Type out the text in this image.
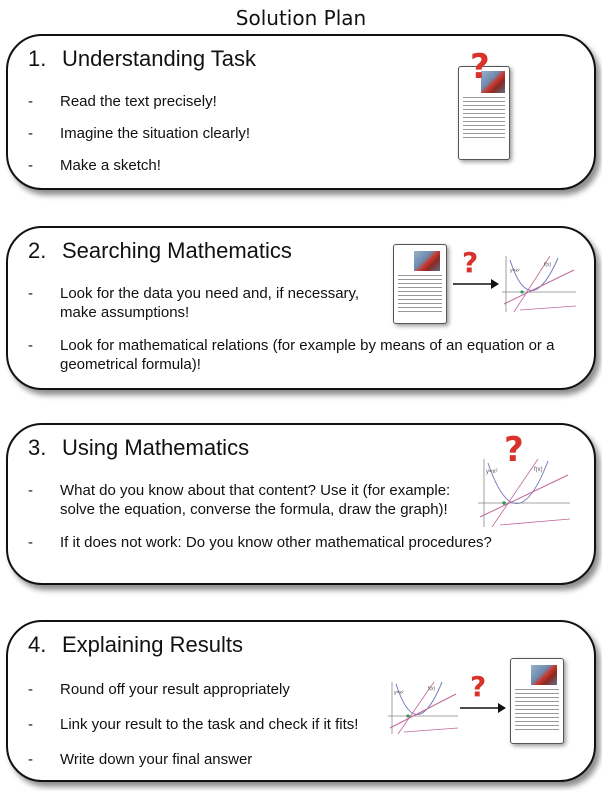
Solution Plan
1. Understanding Task
-	Read the text precisely!
-	Imagine the situation clearly!
-	Make a sketch!
?
2. Searching Mathematics
-	Look for the data you need and, if necessary,
make assumptions!
-	Look for mathematical relations (for example by means of an equation or a
geometrical formula)!
?	y=x²
f(x)
3. Using Mathematics
-	What do you know about that content? Use it (for example:
solve the equation, converse the formula, draw the graph)!
-	If it does not work: Do you know other mathematical procedures?
y=x²	f(x)
?
4. Explaining Results
-	Round off your result appropriately
-	Link your result to the task and check if it fits!
-	Write down your final answer
y=x²
f(x) ?
